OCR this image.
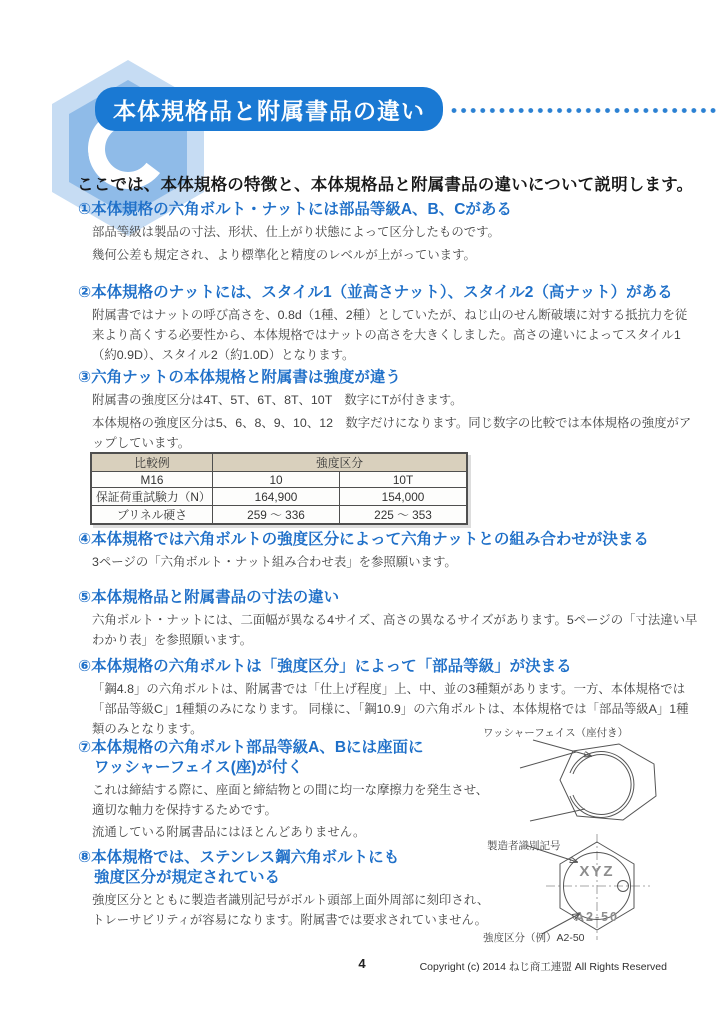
本体規格品と附属書品の違い
ここでは、本体規格の特徴と、本体規格品と附属書品の違いについて説明します。
①本体規格の六角ボルト・ナットには部品等級A、B、Cがある

部品等級は製品の寸法、形状、仕上がり状態によって区分したものです。

幾何公差も規定され、より標準化と精度のレベルが上がっています。

②本体規格のナットには、スタイル1（並高さナット）、スタイル2（高ナット）がある

附属書ではナットの呼び高さを、0.8d（1種、2種）としていたが、ねじ山のせん断破壊に対する抵抗力を従来より高くする必要性から、本体規格ではナットの高さを大きくしました。高さの違いによってスタイル1（約0.9D）、スタイル2（約1.0D）となります。

③六角ナットの本体規格と附属書は強度が違う

附属書の強度区分は4T、5T、6T、8T、10T　数字にTが付きます。

本体規格の強度区分は5、6、8、9、10、12　数字だけになります。同じ数字の比較では本体規格の強度がアップしています。

比較例	強度区分	
M16	10	10T
保証荷重試験力（N）	164,900	154,000
ブリネル硬さ	259 ～ 336	225 ～ 353
④本体規格では六角ボルトの強度区分によって六角ナットとの組み合わせが決まる

3ページの「六角ボルト・ナット組み合わせ表」を参照願います。

⑤本体規格品と附属書品の寸法の違い

六角ボルト・ナットには、二面幅が異なる4サイズ、高さの異なるサイズがあります。5ページの「寸法違い早わかり表」を参照願います。

⑥本体規格の六角ボルトは「強度区分」によって「部品等級」が決まる

「鋼4.8」の六角ボルトは、附属書では「仕上げ程度」上、中、並の3種類があります。一方、本体規格では「部品等級C」1種類のみになります。 同様に、「鋼10.9」の六角ボルトは、本体規格では「部品等級A」1種類のみとなります。

⑦本体規格の六角ボルト部品等級A、Bには座面に
ワッシャーフェイス(座)が付く

これは締結する際に、座面と締結物との間に均一な摩擦力を発生させ、適切な軸力を保持するためです。

流通している附属書品にはほとんどありません。

⑧本体規格では、ステンレス鋼六角ボルトにも
強度区分が規定されている

強度区分とともに製造者識別記号がボルト頭部上面外周部に刻印され、トレーサビリティが容易になります。附属書では要求されていません。

ワッシャーフェイス（座付き）
製造者識別記号
XYZ
A2-50
強度区分（例）A2-50
4	Copyright (c) 2014 ねじ商工連盟 All Rights Reserved
